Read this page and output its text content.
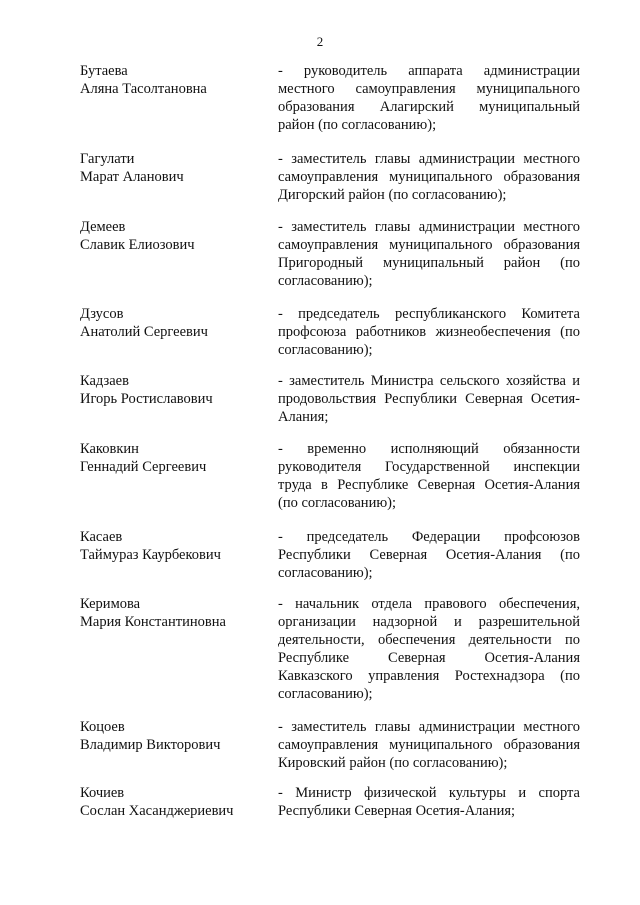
2
Бутаева
Аляна Тасолтановна
- руководитель аппарата администрации
местного самоуправления муниципального
образования Алагирский муниципальный
район (по согласованию);
Гагулати
Марат Аланович
- заместитель главы администрации местного
самоуправления муниципального образования
Дигорский район (по согласованию);
Демеев
Славик Елиозович
- заместитель главы администрации местного
самоуправления муниципального образования
Пригородный муниципальный район (по
согласованию);
Дзусов
Анатолий Сергеевич
- председатель республиканского Комитета
профсоюза работников жизнеобеспечения (по
согласованию);
Кадзаев
Игорь Ростиславович
- заместитель Министра сельского хозяйства и
продовольствия Республики Северная Осетия-
Алания;
Каковкин
Геннадий Сергеевич
- временно исполняющий обязанности
руководителя Государственной инспекции
труда в Республике Северная Осетия-Алания
(по согласованию);
Касаев
Таймураз Каурбекович
- председатель Федерации профсоюзов
Республики Северная Осетия-Алания (по
согласованию);
Керимова
Мария Константиновна
- начальник отдела правового обеспечения,
организации надзорной и разрешительной
деятельности, обеспечения деятельности по
Республике Северная Осетия-Алания
Кавказского управления Ростехнадзора (по
согласованию);
Коцоев
Владимир Викторович
- заместитель главы администрации местного
самоуправления муниципального образования
Кировский район (по согласованию);
Кочиев
Сослан Хасанджериевич
- Министр физической культуры и спорта
Республики Северная Осетия-Алания;
